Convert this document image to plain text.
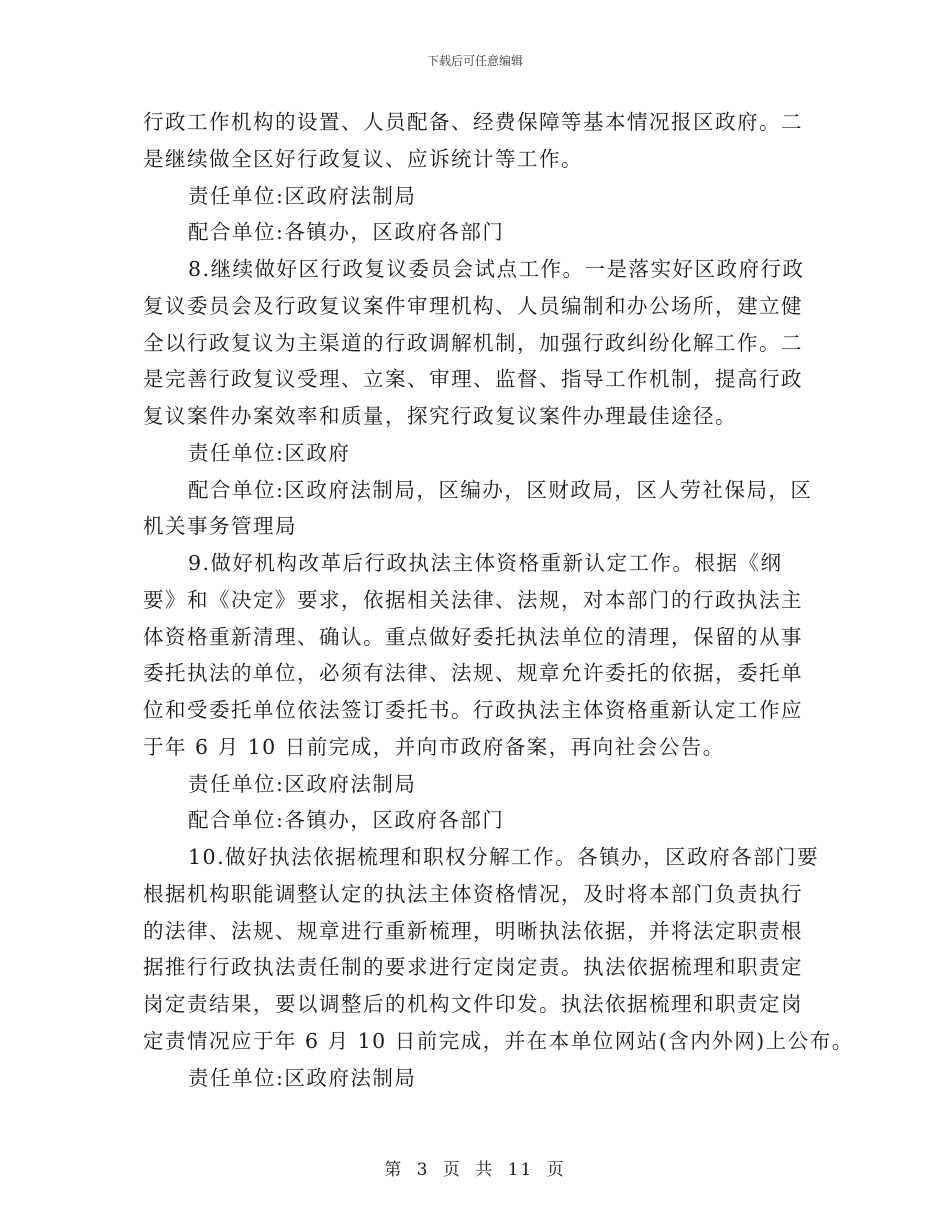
下载后可任意编辑
行政工作机构的设置、人员配备、经费保障等基本情况报区政府。二
是继续做全区好行政复议、应诉统计等工作。
责任单位:区政府法制局
配合单位:各镇办，区政府各部门
8.继续做好区行政复议委员会试点工作。一是落实好区政府行政
复议委员会及行政复议案件审理机构、人员编制和办公场所，建立健
全以行政复议为主渠道的行政调解机制，加强行政纠纷化解工作。二
是完善行政复议受理、立案、审理、监督、指导工作机制，提高行政
复议案件办案效率和质量，探究行政复议案件办理最佳途径。
责任单位:区政府
配合单位:区政府法制局，区编办，区财政局，区人劳社保局，区
机关事务管理局
9.做好机构改革后行政执法主体资格重新认定工作。根据《纲
要》和《决定》要求，依据相关法律、法规，对本部门的行政执法主
体资格重新清理、确认。重点做好委托执法单位的清理，保留的从事
委托执法的单位，必须有法律、法规、规章允许委托的依据，委托单
位和受委托单位依法签订委托书。行政执法主体资格重新认定工作应
于年 6 月 10 日前完成，并向市政府备案，再向社会公告。
责任单位:区政府法制局
配合单位:各镇办，区政府各部门
10.做好执法依据梳理和职权分解工作。各镇办，区政府各部门要
根据机构职能调整认定的执法主体资格情况，及时将本部门负责执行
的法律、法规、规章进行重新梳理，明晰执法依据，并将法定职责根
据推行行政执法责任制的要求进行定岗定责。执法依据梳理和职责定
岗定责结果，要以调整后的机构文件印发。执法依据梳理和职责定岗
定责情况应于年 6 月 10 日前完成，并在本单位网站(含内外网)上公布。
责任单位:区政府法制局
第 3 页 共 11 页
